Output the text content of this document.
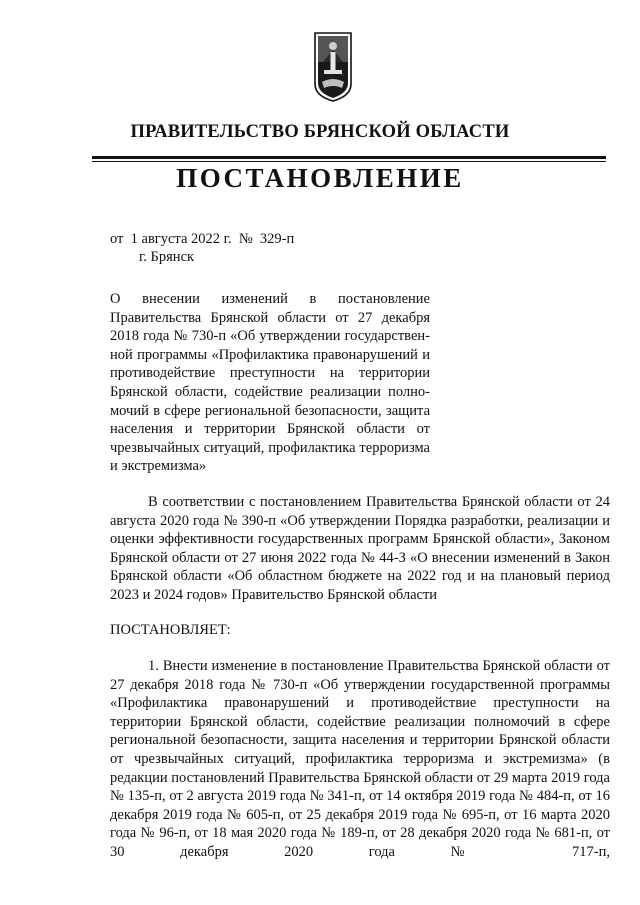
ПРАВИТЕЛЬСТВО БРЯНСКОЙ ОБЛАСТИ
ПОСТАНОВЛЕНИЕ
от  1 августа 2022 г.  №  329-п
г. Брянск

О внесении изменений в постановление Правительства Брянской области от 27 декабря 2018 года № 730-п «Об утверждении государственной программы «Профилактика правонарушений и противодействие преступности на территории Брянской области, содействие реализации полномочий в сфере региональной безопасности, защита населения и территории Брянской области от чрезвычайных ситуаций, профилактика терроризма и экстремизма»

В соответствии с постановлением Правительства Брянской области от 24 августа 2020 года № 390-п «Об утверждении Порядка разработки, реализации и оценки эффективности государственных программ Брянской области», Законом Брянской области от 27 июня 2022 года № 44-З «О внесении изменений в Закон Брянской области «Об областном бюджете на 2022 год и на плановый период 2023 и 2024 годов» Правительство Брянской области

ПОСТАНОВЛЯЕТ:

1. Внести изменение в постановление Правительства Брянской области от 27 декабря 2018 года № 730-п «Об утверждении государственной программы «Профилактика правонарушений и противодействие преступности на территории Брянской области, содействие реализации полномочий в сфере региональной безопасности, защита населения и территории Брянской области от чрезвычайных ситуаций, профилактика терроризма и экстремизма» (в редакции постановлений Правительства Брянской области от 29 марта 2019 года № 135-п, от 2 августа 2019 года № 341-п, от 14 октября 2019 года № 484-п, от 16 декабря 2019 года № 605-п, от 25 декабря 2019 года № 695-п, от 16 марта 2020 года № 96-п, от 18 мая 2020 года № 189-п, от 28 декабря 2020 года № 681-п, от 30 декабря 2020 года № 717-п,
